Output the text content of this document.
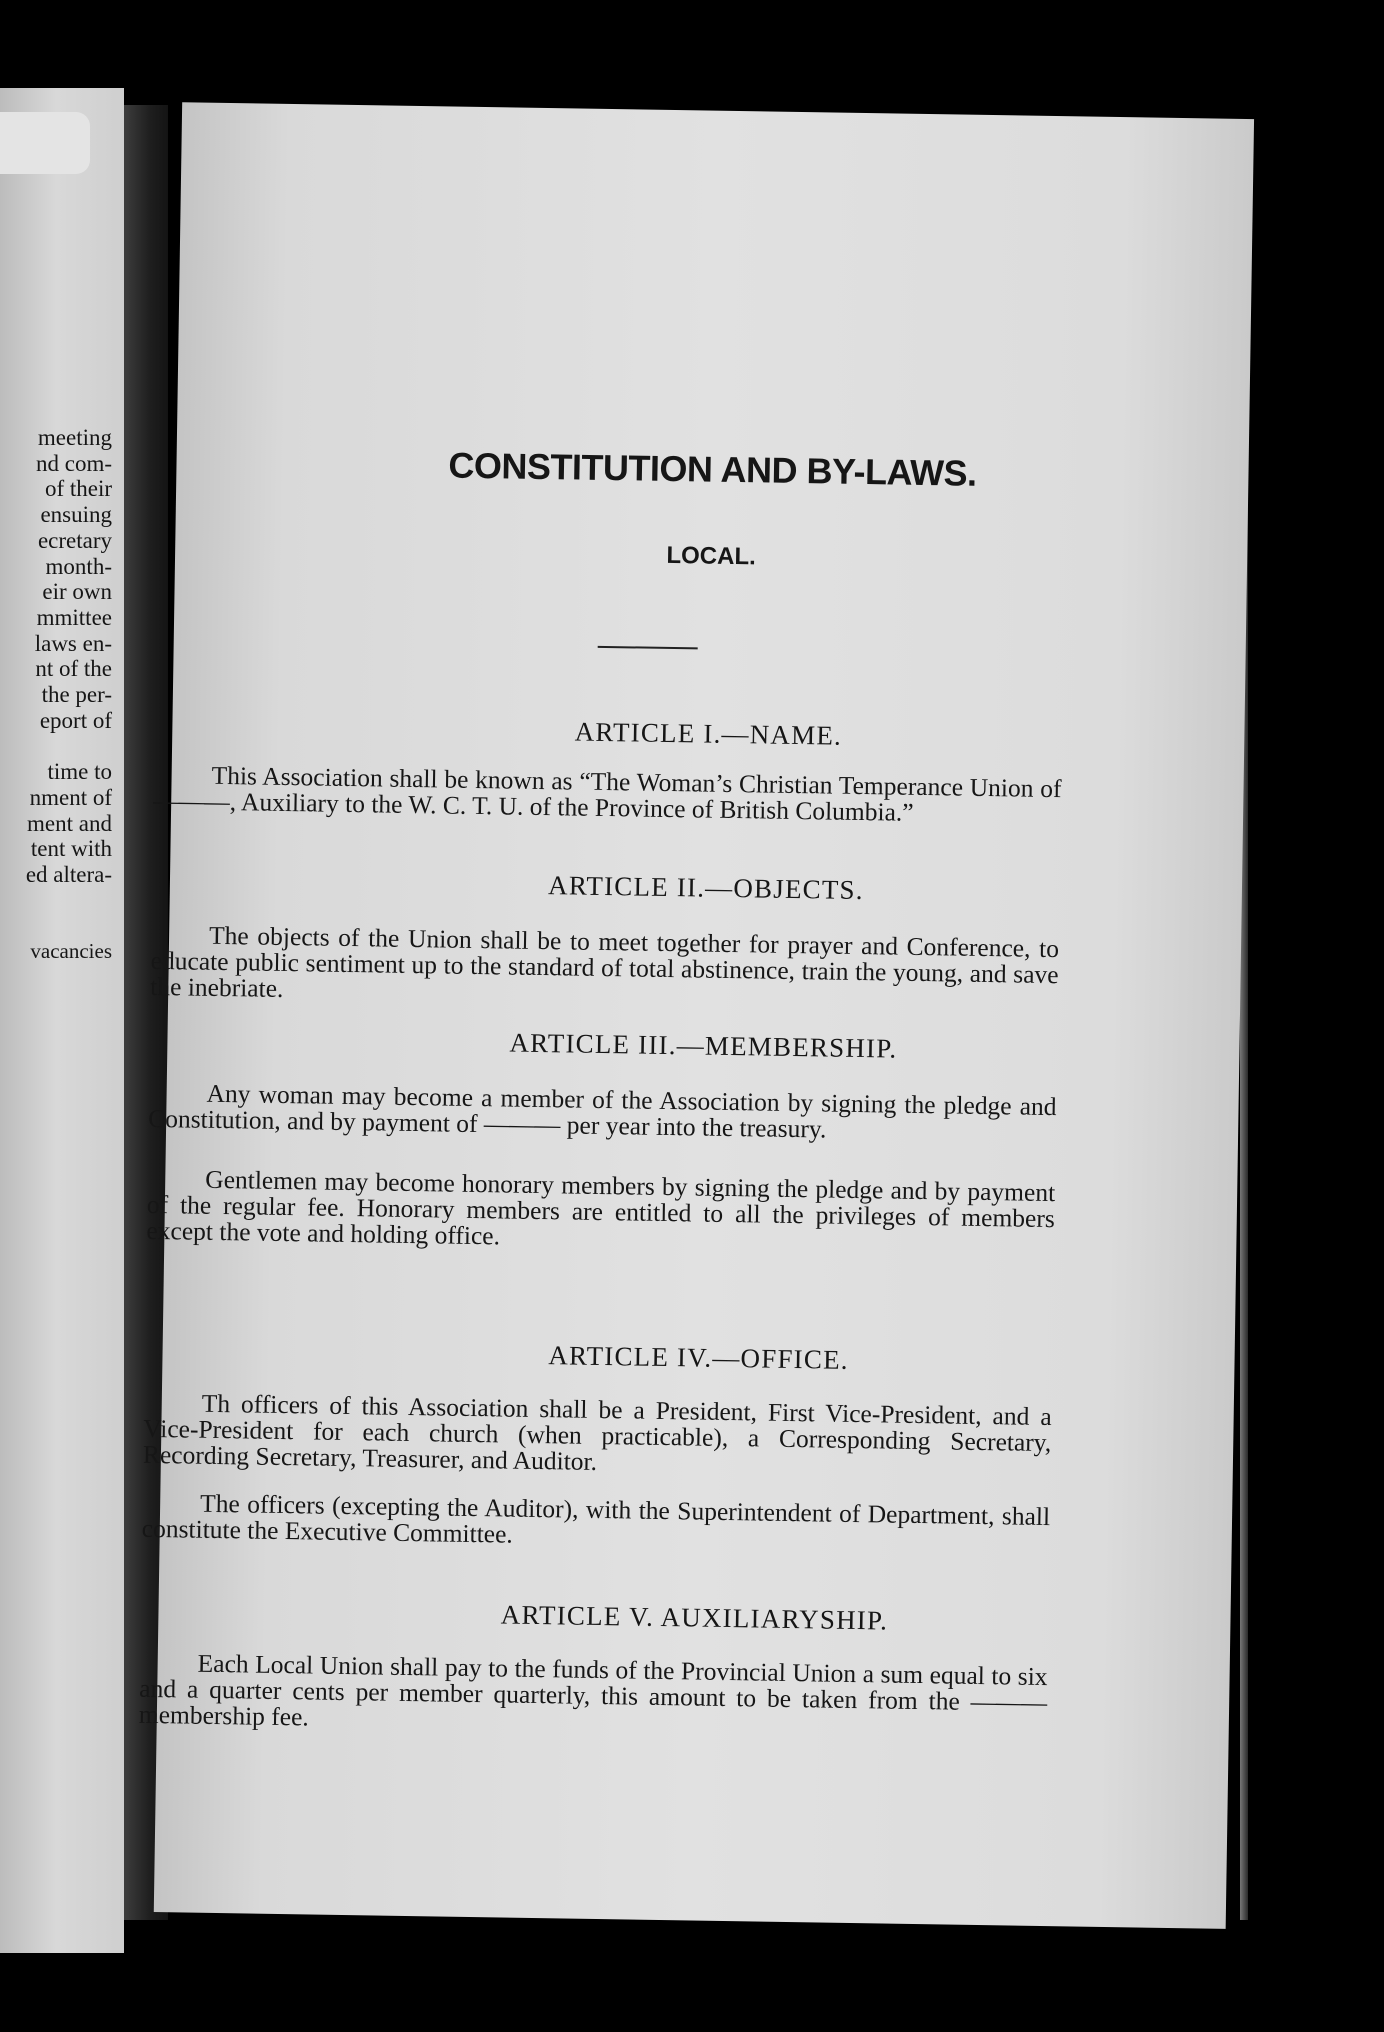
meeting
nd com-
of their
ensuing
ecretary
month-
eir own
mmittee
laws en-
nt of the
the per-
eport of
time to
nment of
ment and
tent with
ed altera-
vacancies
CONSTITUTION AND BY-LAWS.
LOCAL.
ARTICLE I.—NAME.

This Association shall be known as “The Woman’s Christian Temperance Union of ———, Auxiliary to the W. C. T. U. of the Province of British Columbia.”

ARTICLE II.—OBJECTS.

The objects of the Union shall be to meet together for prayer and Conference, to educate public sentiment up to the standard of total abstinence, train the young, and save the inebriate.

ARTICLE III.—MEMBERSHIP.

Any woman may become a member of the Association by signing the pledge and Constitution, and by payment of ——— per year into the treasury.

Gentlemen may become honorary members by signing the pledge and by payment of the regular fee. Honorary members are entitled to all the privileges of members except the vote and holding office.

ARTICLE IV.—OFFICE.

Th officers of this Association shall be a President, First Vice-President, and a Vice-President for each church (when practicable), a Corresponding Secretary, Recording Secretary, Treasurer, and Auditor.

The officers (excepting the Auditor), with the Superintendent of Department, shall constitute the Executive Committee.

ARTICLE V. AUXILIARYSHIP.

Each Local Union shall pay to the funds of the Provincial Union a sum equal to six and a quarter cents per member quarterly, this amount to be taken from the ——— membership fee.
